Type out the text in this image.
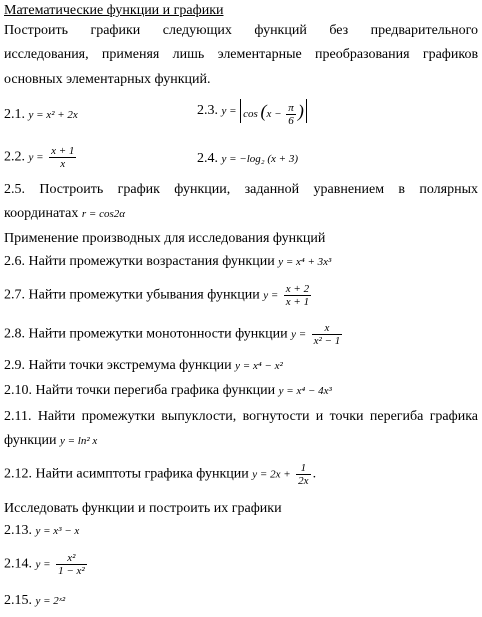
Математические функции и графики
Построить графики следующих функций без предварительного
исследования, применяя лишь элементарные преобразования графиков
основных элементарных функций.
2.1. y = x² + 2x	2.3. $y = \cos (x - \frac{\pi}{6}$ )
2.2. $y = \frac{x + 1}{x}$	2.4. y = −log₂ (x + 3)
2.5. Построить график функции, заданной уравнением в полярных
координатах r = cos2α
Применение производных для исследования функций
2.6. Найти промежутки возрастания функции y = x⁴ + 3x³
2.7. Найти промежутки убывания функции $y = \frac{x + 2}{x + 1}$
2.8. Найти промежутки монотонности функции $y = \frac{x}{\text{x² − 1}}$
2.9. Найти точки экстремума функции y = x⁴ − x²
2.10. Найти точки перегиба графика функции y = x⁴ − 4x³
2.11. Найти промежутки выпуклости, вогнутости и точки перегиба графика
функции y = ln² x
2.12. Найти асимптоты графика функции $y = 2x + \frac{1}{2x}$ .
Исследовать функции и построить их графики
2.13. y = x³ − x
2.14. $y = \frac{\text{x²}}{\text{1 − x²}}$
2.15. y = 2ˣ²
